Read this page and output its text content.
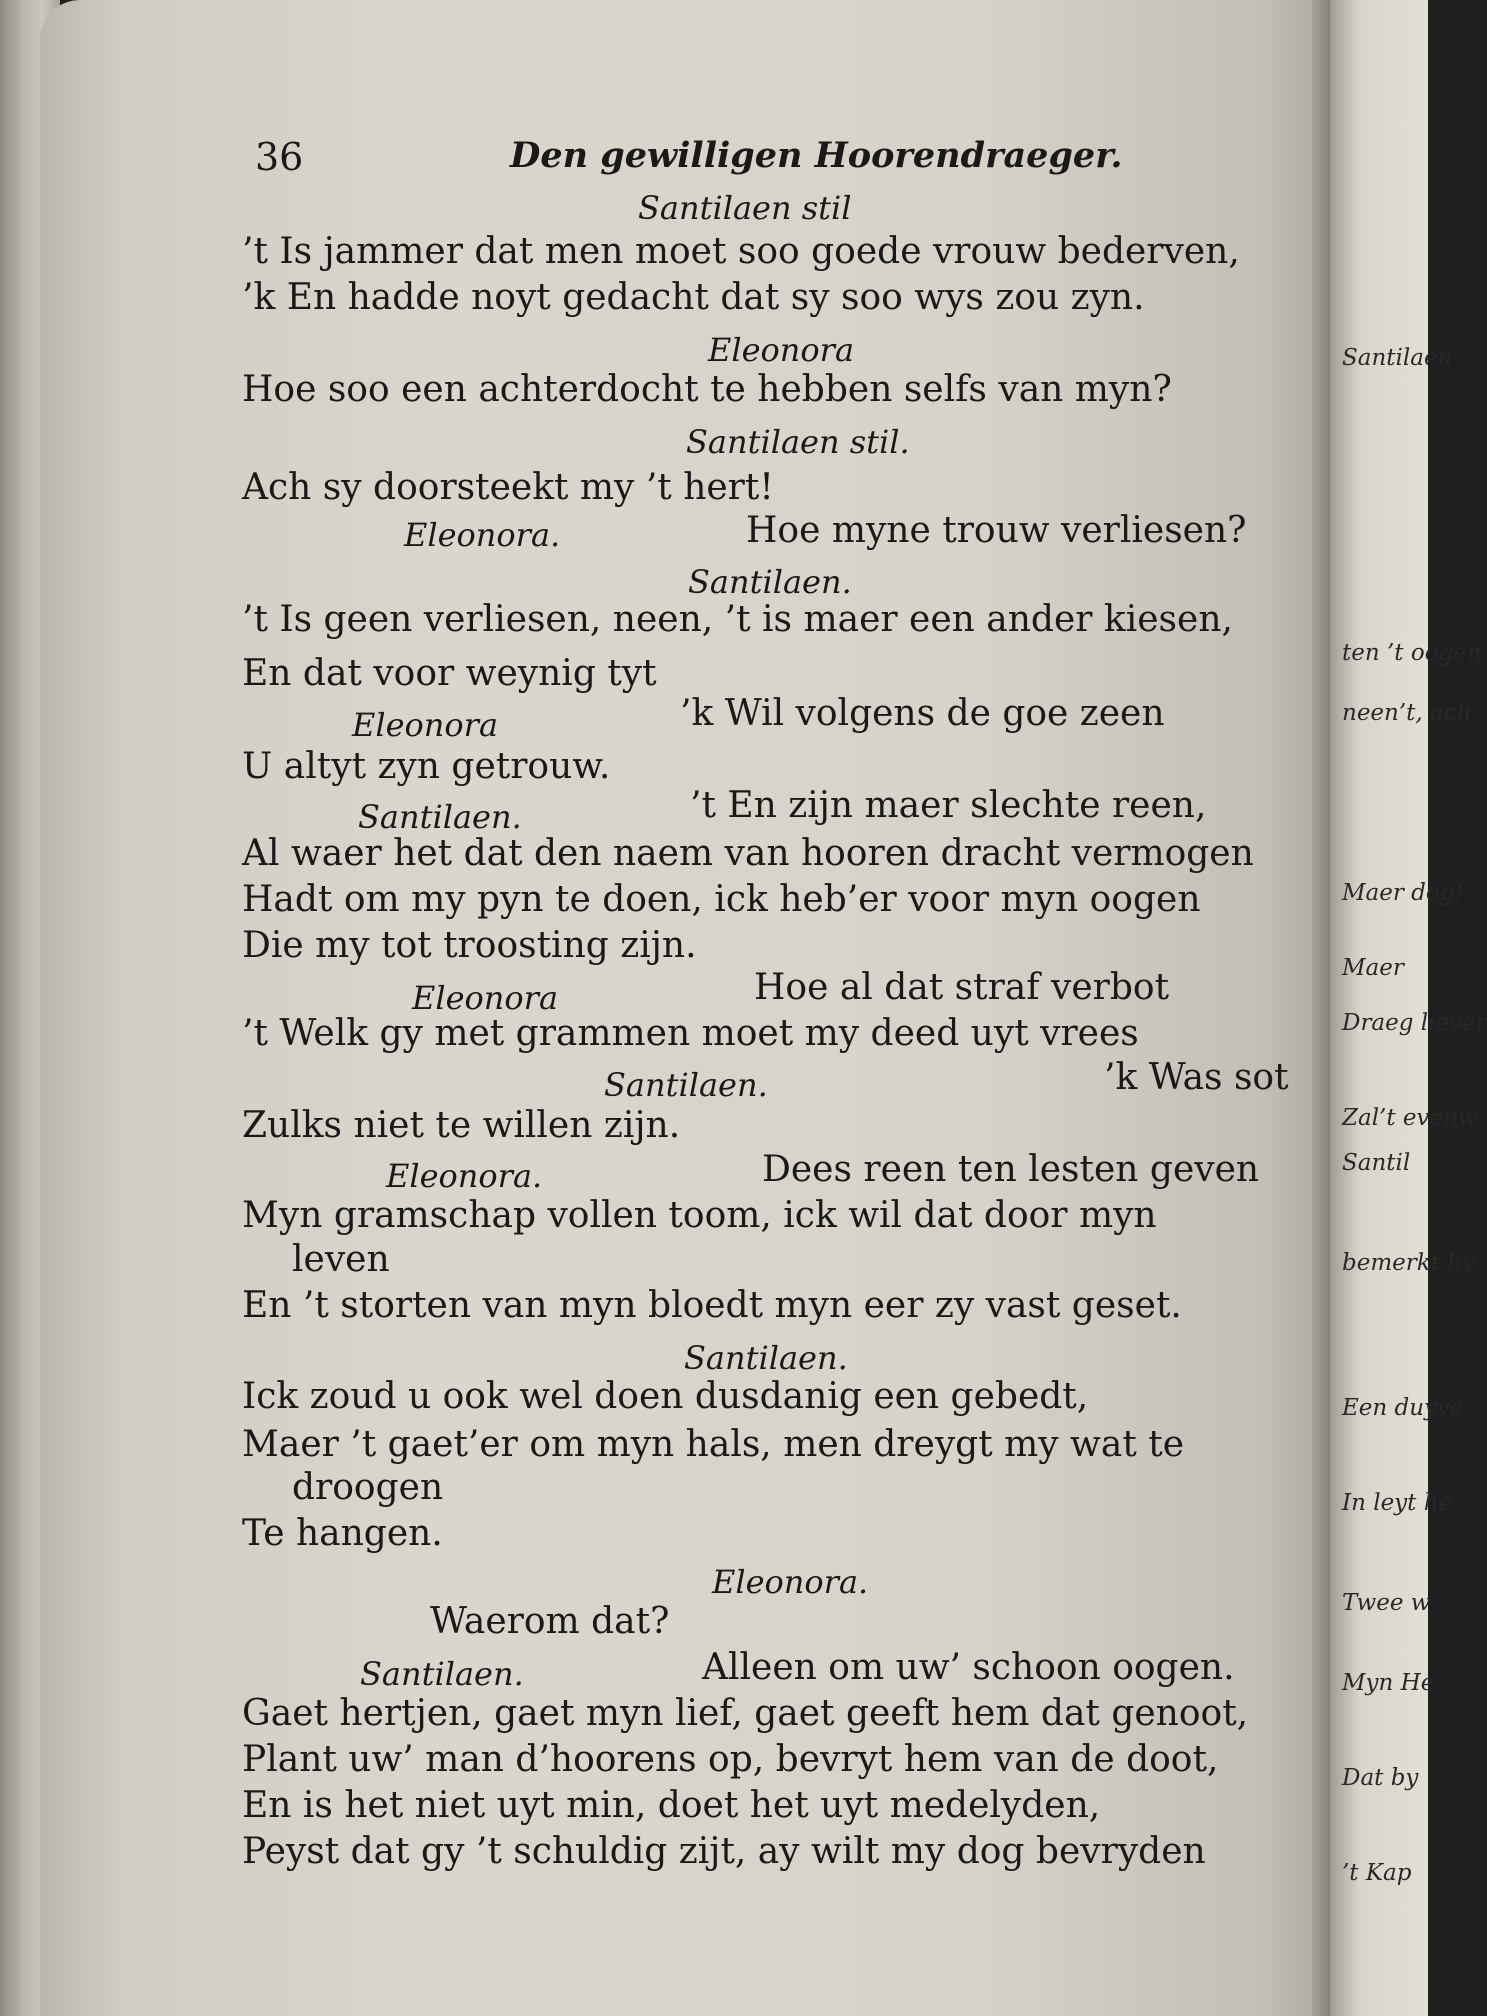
Santilaen
ten ’t oogen
neen’t, ach
Maer dog!
Maer
Draeg liever
Zal’t evenw
Santil
bemerkt hy
Een duyve
In leyt he
Twee w
Myn He
Dat by
’t Kap
36	Den gewilligen Hoorendraeger.
Santilaen stil
’t Is jammer dat men moet soo goede vrouw bederven,
’k En hadde noyt gedacht dat sy soo wys zou zyn.
Eleonora
Hoe soo een achterdocht te hebben selfs van myn?
Santilaen stil.
Ach sy doorsteekt my ’t hert!
Eleonora.	Hoe myne trouw verliesen?
Santilaen.
’t Is geen verliesen, neen, ’t is maer een ander kiesen,
En dat voor weynig tyt
Eleonora	’k Wil volgens de goe zeen
U altyt zyn getrouw.
Santilaen.	’t En zijn maer slechte reen,
Al waer het dat den naem van hooren dracht vermogen
Hadt om my pyn te doen, ick heb’er voor myn oogen
Die my tot troosting zijn.
Eleonora	Hoe al dat straf verbot
’t Welk gy met grammen moet my deed uyt vrees
Santilaen.	’k Was sot
Zulks niet te willen zijn.
Eleonora.	Dees reen ten lesten geven
Myn gramschap vollen toom, ick wil dat door myn
leven
En ’t storten van myn bloedt myn eer zy vast geset.
Santilaen.
Ick zoud u ook wel doen dusdanig een gebedt,
Maer ’t gaet’er om myn hals, men dreygt my wat te
droogen
Te hangen.
Eleonora.
Waerom dat?
Santilaen.	Alleen om uw’ schoon oogen.
Gaet hertjen, gaet myn lief, gaet geeft hem dat genoot,
Plant uw’ man d’hoorens op, bevryt hem van de doot,
En is het niet uyt min, doet het uyt medelyden,
Peyst dat gy ’t schuldig zijt, ay wilt my dog bevryden
